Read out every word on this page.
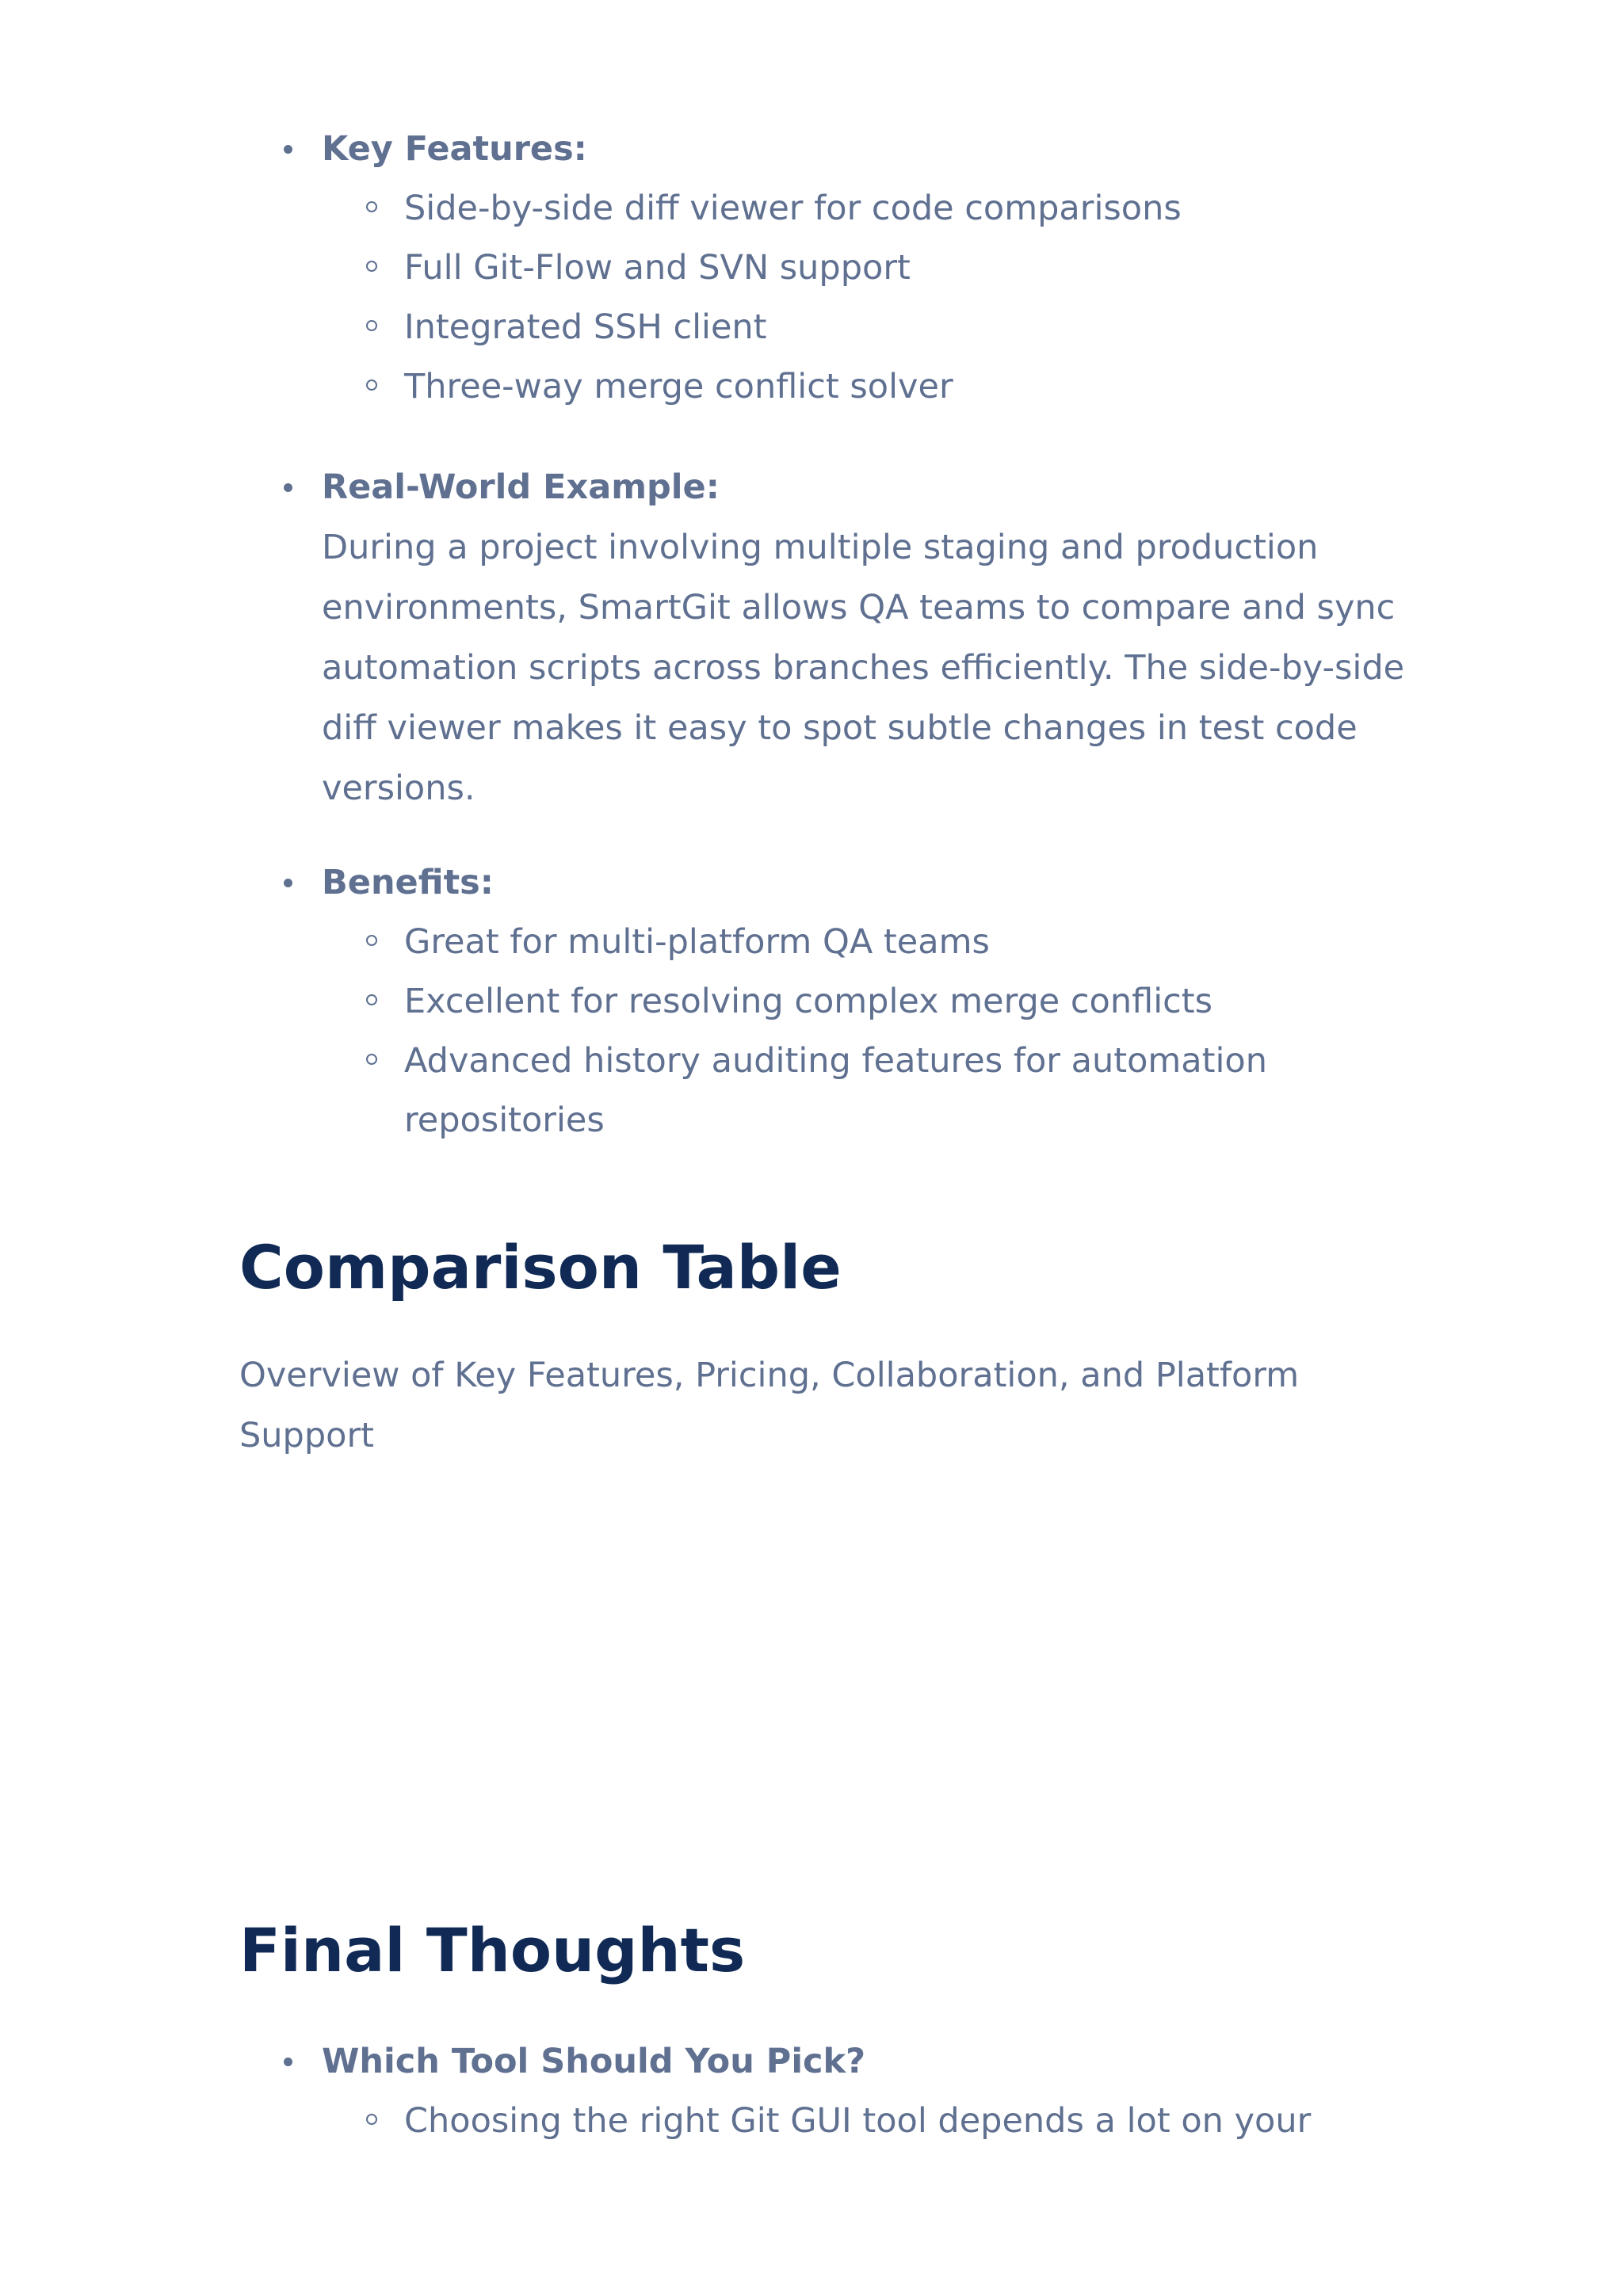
Key Features:
Side-by-side diff viewer for code comparisons
Full Git-Flow and SVN support
Integrated SSH client
Three-way merge conflict solver
Real-World Example:

During a project involving multiple staging and production environments, SmartGit allows QA teams to compare and sync automation scripts across branches efficiently. The side-by-side diff viewer makes it easy to spot subtle changes in test code versions.

Benefits:
Great for multi-platform QA teams
Excellent for resolving complex merge conflicts
Advanced history auditing features for automation repositories
Comparison Table

Overview of Key Features, Pricing, Collaboration, and Platform Support

Final Thoughts
Which Tool Should You Pick?
Choosing the right Git GUI tool depends a lot on your
